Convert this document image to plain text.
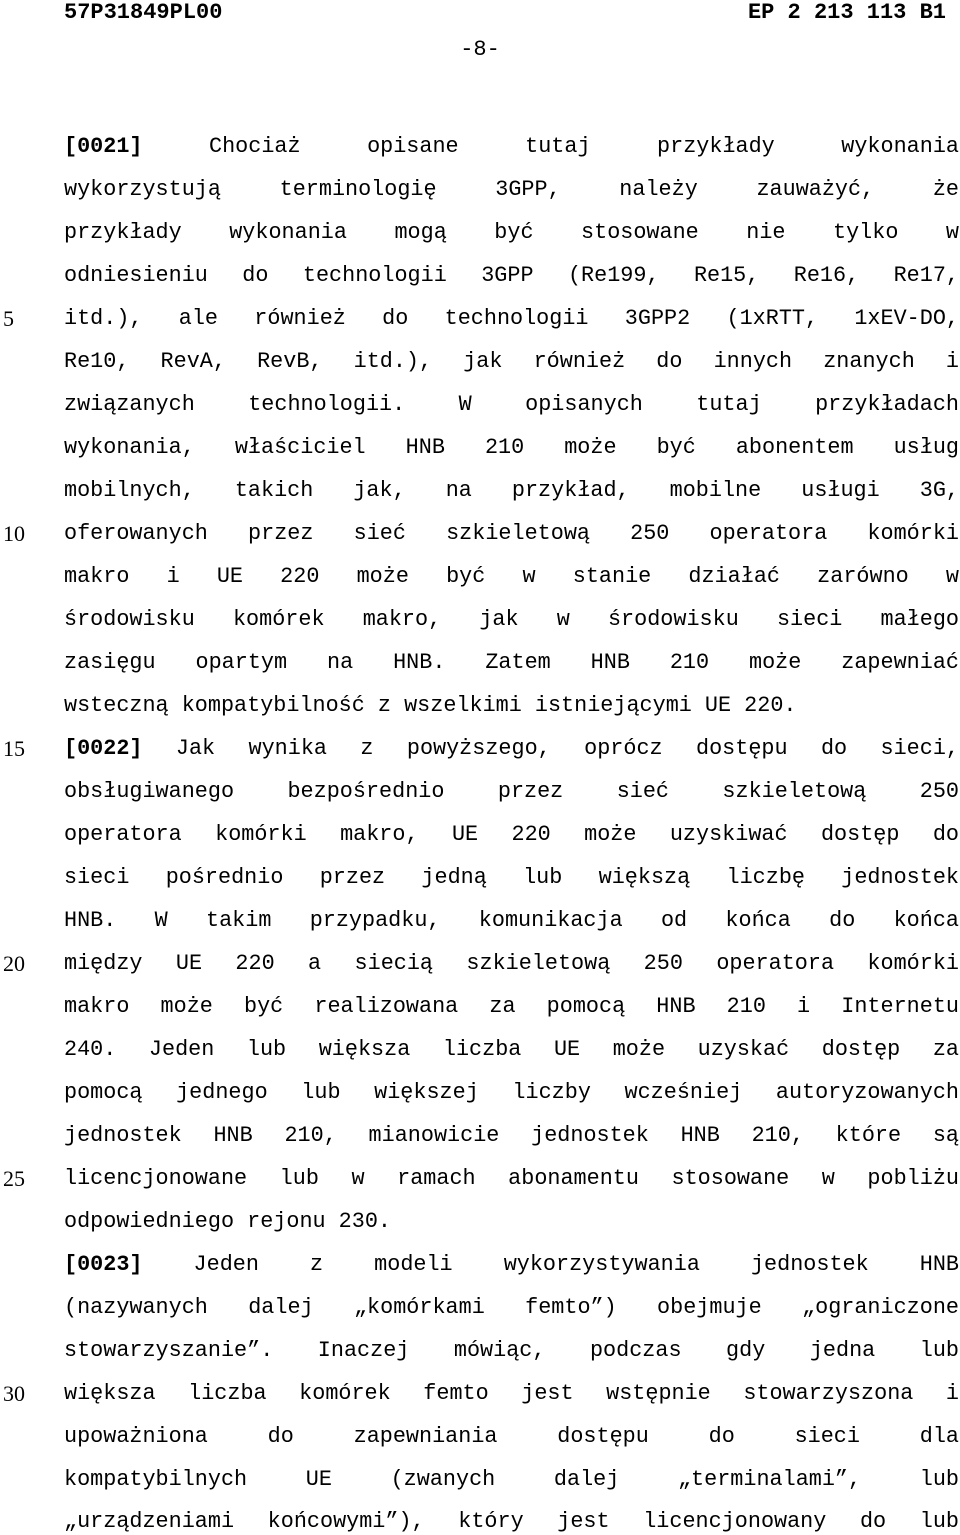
57P31849PL00	EP 2 213 113 B1
-8-
5
10
15
20
25
30
[0021] Chociaż opisane tutaj przykłady wykonania
wykorzystują terminologię 3GPP, należy zauważyć, że
przykłady wykonania mogą być stosowane nie tylko w
odniesieniu do technologii 3GPP (Re199, Re15, Re16, Re17,
itd.), ale również do technologii 3GPP2 (1xRTT, 1xEV-DO,
Re10, RevA, RevB, itd.), jak również do innych znanych i
związanych technologii. W opisanych tutaj przykładach
wykonania, właściciel HNB 210 może być abonentem usług
mobilnych, takich jak, na przykład, mobilne usługi 3G,
oferowanych przez sieć szkieletową 250 operatora komórki
makro i UE 220 może być w stanie działać zarówno w
środowisku komórek makro, jak w środowisku sieci małego
zasięgu opartym na HNB. Zatem HNB 210 może zapewniać
wsteczną kompatybilność z wszelkimi istniejącymi UE 220.
[0022] Jak wynika z powyższego, oprócz dostępu do sieci,
obsługiwanego bezpośrednio przez sieć szkieletową 250
operatora komórki makro, UE 220 może uzyskiwać dostęp do
sieci pośrednio przez jedną lub większą liczbę jednostek
HNB. W takim przypadku, komunikacja od końca do końca
między UE 220 a siecią szkieletową 250 operatora komórki
makro może być realizowana za pomocą HNB 210 i Internetu
240. Jeden lub większa liczba UE może uzyskać dostęp za
pomocą jednego lub większej liczby wcześniej autoryzowanych
jednostek HNB 210, mianowicie jednostek HNB 210, które są
licencjonowane lub w ramach abonamentu stosowane w pobliżu
odpowiedniego rejonu 230.
[0023] Jeden z modeli wykorzystywania jednostek HNB
(nazywanych dalej „komórkami femto”) obejmuje „ograniczone
stowarzyszanie”. Inaczej mówiąc, podczas gdy jedna lub
większa liczba komórek femto jest wstępnie stowarzyszona i
upoważniona do zapewniania dostępu do sieci dla
kompatybilnych UE (zwanych dalej „terminalami”, lub
„urządzeniami końcowymi”), który jest licencjonowany do lub
